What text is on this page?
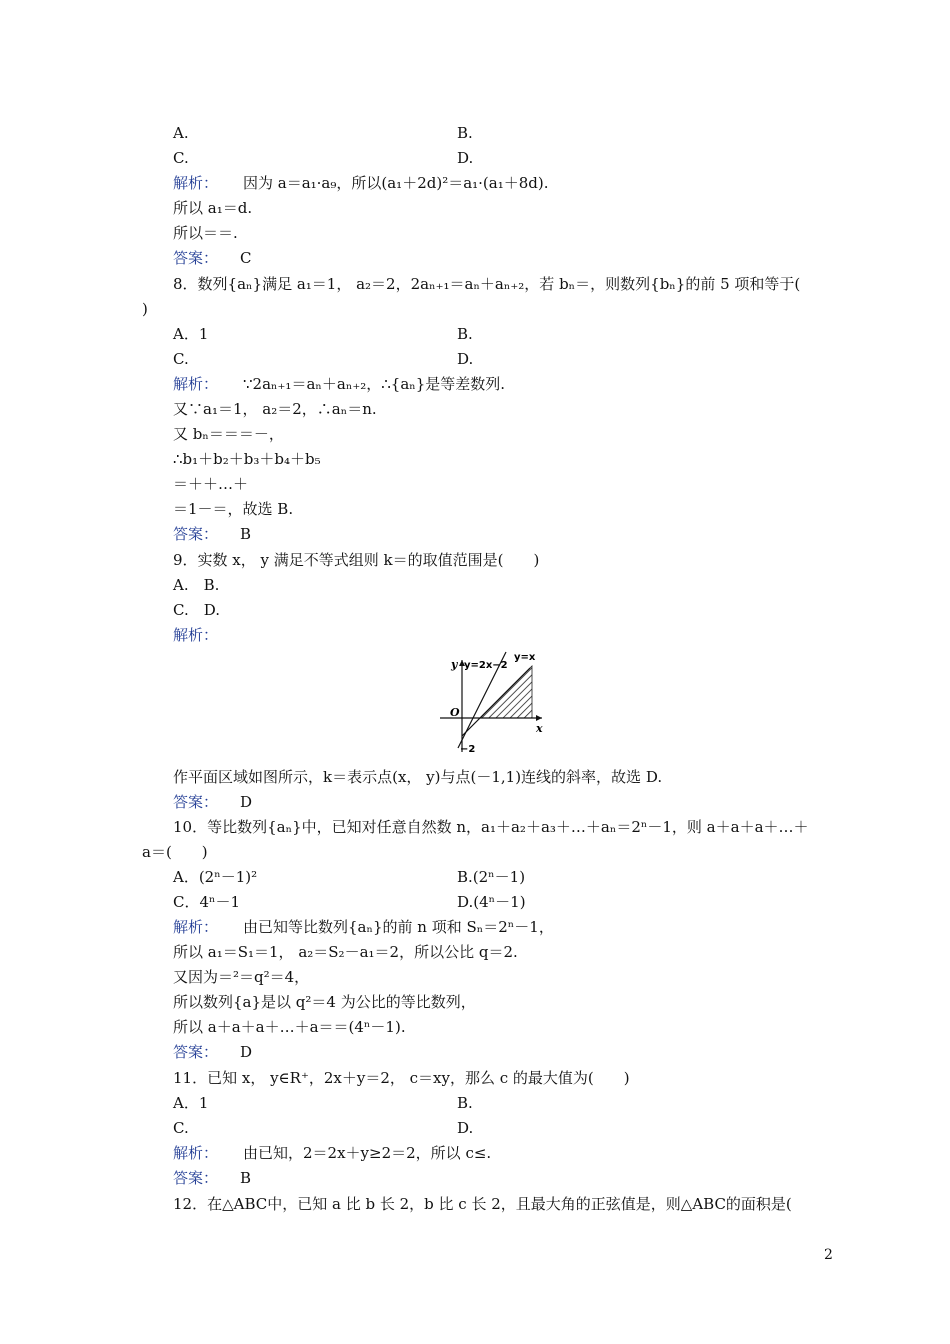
A.	B.
C.	D.
解析： 因为 a＝a₁·a₉，所以(a₁＋2d)²＝a₁·(a₁＋8d).
所以 a₁＝d.
所以＝＝.
答案： C
8．数列{aₙ}满足 a₁＝1， a₂＝2，2aₙ₊₁＝aₙ＋aₙ₊₂，若 bₙ＝，则数列{bₙ}的前 5 项和等于(
)
A．1	B.
C.	D.
解析： ∵2aₙ₊₁＝aₙ＋aₙ₊₂，∴{aₙ}是等差数列.
又∵a₁＝1， a₂＝2，∴aₙ＝n.
又 bₙ＝＝＝－，
∴b₁＋b₂＋b₃＋b₄＋b₅
＝＋＋…＋
＝1－＝，故选 B.
答案： B
9．实数 x， y 满足不等式组则 k＝的取值范围是(　　)
A.　B.
C.　D.
解析：
y
x
O
y=2x−2
y=x
−2
作平面区域如图所示，k＝表示点(x， y)与点(－1,1)连线的斜率，故选 D.
答案： D
10．等比数列{aₙ}中，已知对任意自然数 n，a₁＋a₂＋a₃＋…＋aₙ＝2ⁿ－1，则 a＋a＋a＋…＋
a＝(　　)
A．(2ⁿ－1)²	B.(2ⁿ－1)
C．4ⁿ－1	D.(4ⁿ－1)
解析： 由已知等比数列{aₙ}的前 n 项和 Sₙ＝2ⁿ－1，
所以 a₁＝S₁＝1， a₂＝S₂－a₁＝2，所以公比 q＝2.
又因为＝²＝q²＝4，
所以数列{a}是以 q²＝4 为公比的等比数列，
所以 a＋a＋a＋…＋a＝＝(4ⁿ－1).
答案： D
11．已知 x， y∈R⁺，2x＋y＝2， c＝xy，那么 c 的最大值为(　　)
A．1	B.
C.	D.
解析： 由已知，2＝2x＋y≥2＝2，所以 c≤.
答案： B
12．在△ABC中，已知 a 比 b 长 2，b 比 c 长 2，且最大角的正弦值是，则△ABC的面积是(
2
